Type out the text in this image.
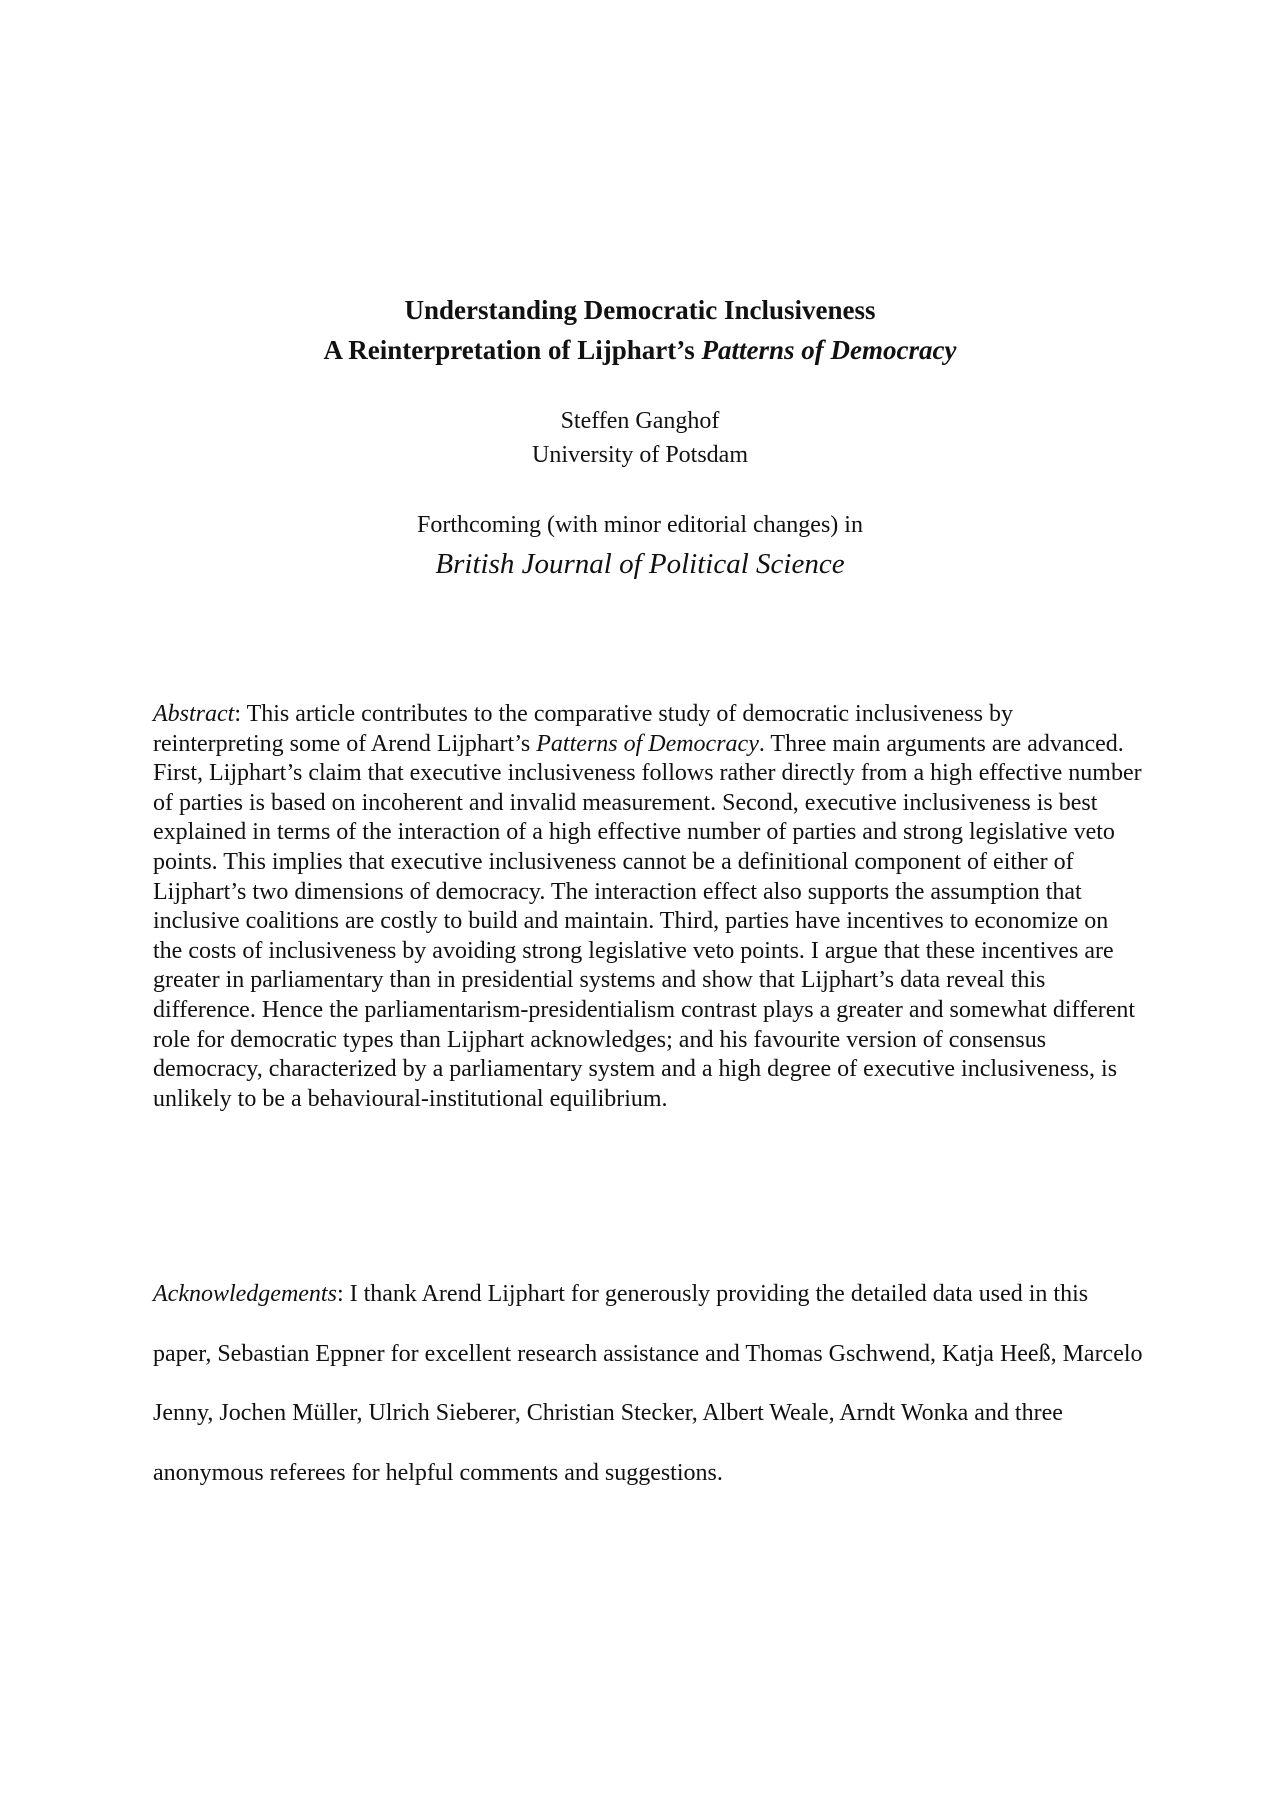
Understanding Democratic Inclusiveness
A Reinterpretation of Lijphart’s Patterns of Democracy
Steffen Ganghof
University of Potsdam
Forthcoming (with minor editorial changes) in
British Journal of Political Science

Abstract: This article contributes to the comparative study of democratic inclusiveness by reinterpreting some of Arend Lijphart’s Patterns of Democracy. Three main arguments are advanced. First, Lijphart’s claim that executive inclusiveness follows rather directly from a high effective number of parties is based on incoherent and invalid measurement. Second, executive inclusiveness is best explained in terms of the interaction of a high effective number of parties and strong legislative veto points. This implies that executive inclusiveness cannot be a definitional component of either of Lijphart’s two dimensions of democracy. The interaction effect also supports the assumption that inclusive coalitions are costly to build and maintain. Third, parties have incentives to economize on the costs of inclusiveness by avoiding strong legislative veto points. I argue that these incentives are greater in parliamentary than in presidential systems and show that Lijphart’s data reveal this difference. Hence the parliamentarism-presidentialism contrast plays a greater and somewhat different role for democratic types than Lijphart acknowledges; and his favourite version of consensus democracy, characterized by a parliamentary system and a high degree of executive inclusiveness, is unlikely to be a behavioural-institutional equilibrium.

Acknowledgements: I thank Arend Lijphart for generously providing the detailed data used in this paper, Sebastian Eppner for excellent research assistance and Thomas Gschwend, Katja Heeß, Marcelo Jenny, Jochen Müller, Ulrich Sieberer, Christian Stecker, Albert Weale, Arndt Wonka and three anonymous referees for helpful comments and suggestions.
